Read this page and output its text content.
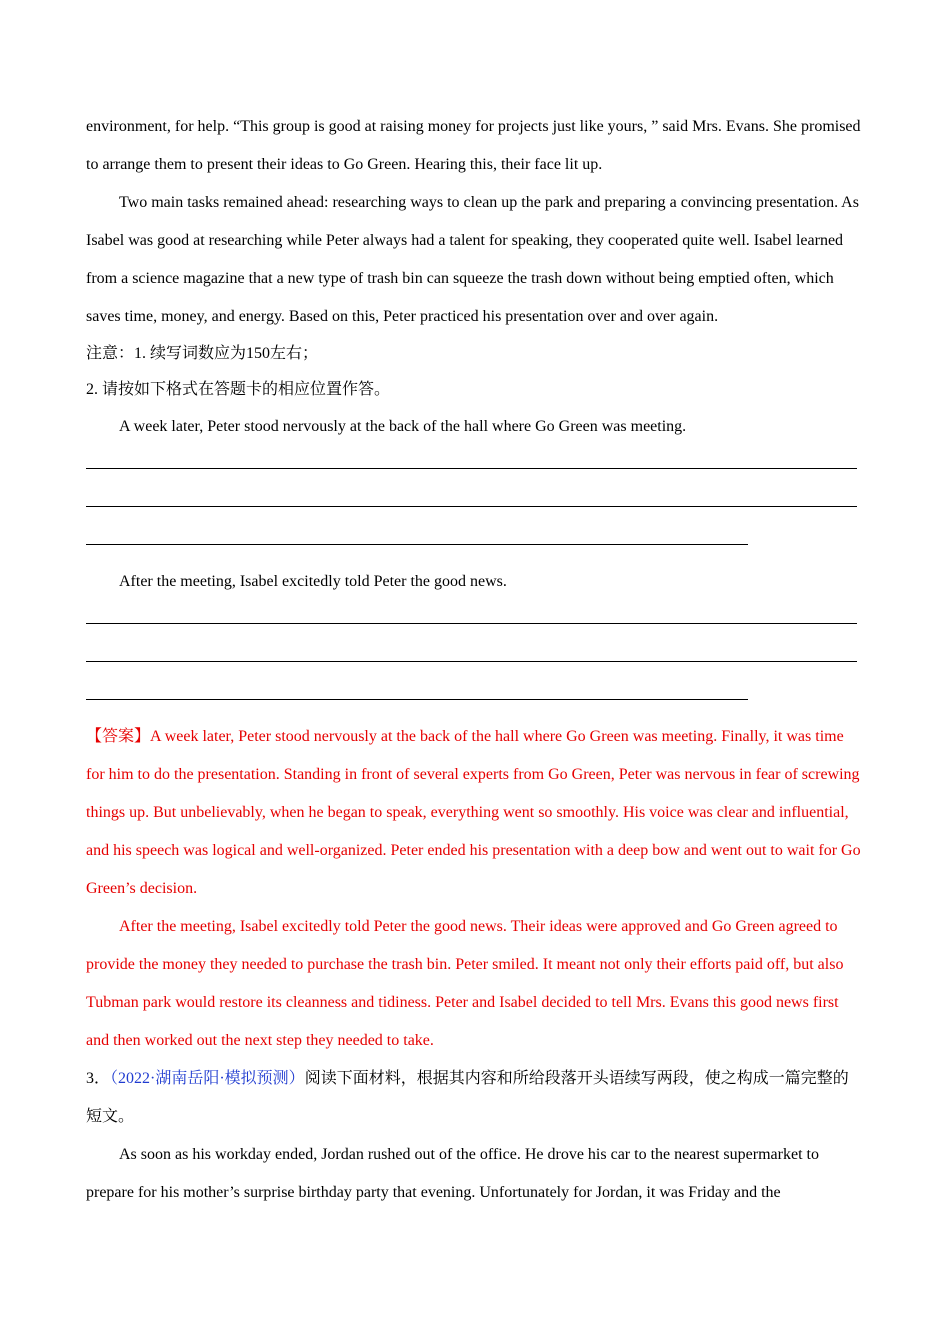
environment, for help. “This group is good at raising money for projects just like yours, ” said Mrs. Evans. She promised to arrange them to present their ideas to Go Green. Hearing this, their face lit up.

Two main tasks remained ahead: researching ways to clean up the park and preparing a convincing presentation. As Isabel was good at researching while Peter always had a talent for speaking, they cooperated quite well. Isabel learned from a science magazine that a new type of trash bin can squeeze the trash down without being emptied often, which saves time, money, and energy. Based on this, Peter practiced his presentation over and over again.

注意：1. 续写词数应为150左右；

2. 请按如下格式在答题卡的相应位置作答。

A week later, Peter stood nervously at the back of the hall where Go Green was meeting.

After the meeting, Isabel excitedly told Peter the good news.

【答案】A week later, Peter stood nervously at the back of the hall where Go Green was meeting. Finally, it was time for him to do the presentation. Standing in front of several experts from Go Green, Peter was nervous in fear of screwing things up. But unbelievably, when he began to speak, everything went so smoothly. His voice was clear and influential, and his speech was logical and well-organized. Peter ended his presentation with a deep bow and went out to wait for Go Green’s decision.

After the meeting, Isabel excitedly told Peter the good news. Their ideas were approved and Go Green agreed to provide the money they needed to purchase the trash bin. Peter smiled. It meant not only their efforts paid off, but also Tubman park would restore its cleanness and tidiness. Peter and Isabel decided to tell Mrs. Evans this good news first and then worked out the next step they needed to take.

3．（2022·湖南岳阳·模拟预测）阅读下面材料，根据其内容和所给段落开头语续写两段，使之构成一篇完整的短文。

As soon as his workday ended, Jordan rushed out of the office. He drove his car to the nearest supermarket to prepare for his mother’s surprise birthday party that evening. Unfortunately for Jordan, it was Friday and the
